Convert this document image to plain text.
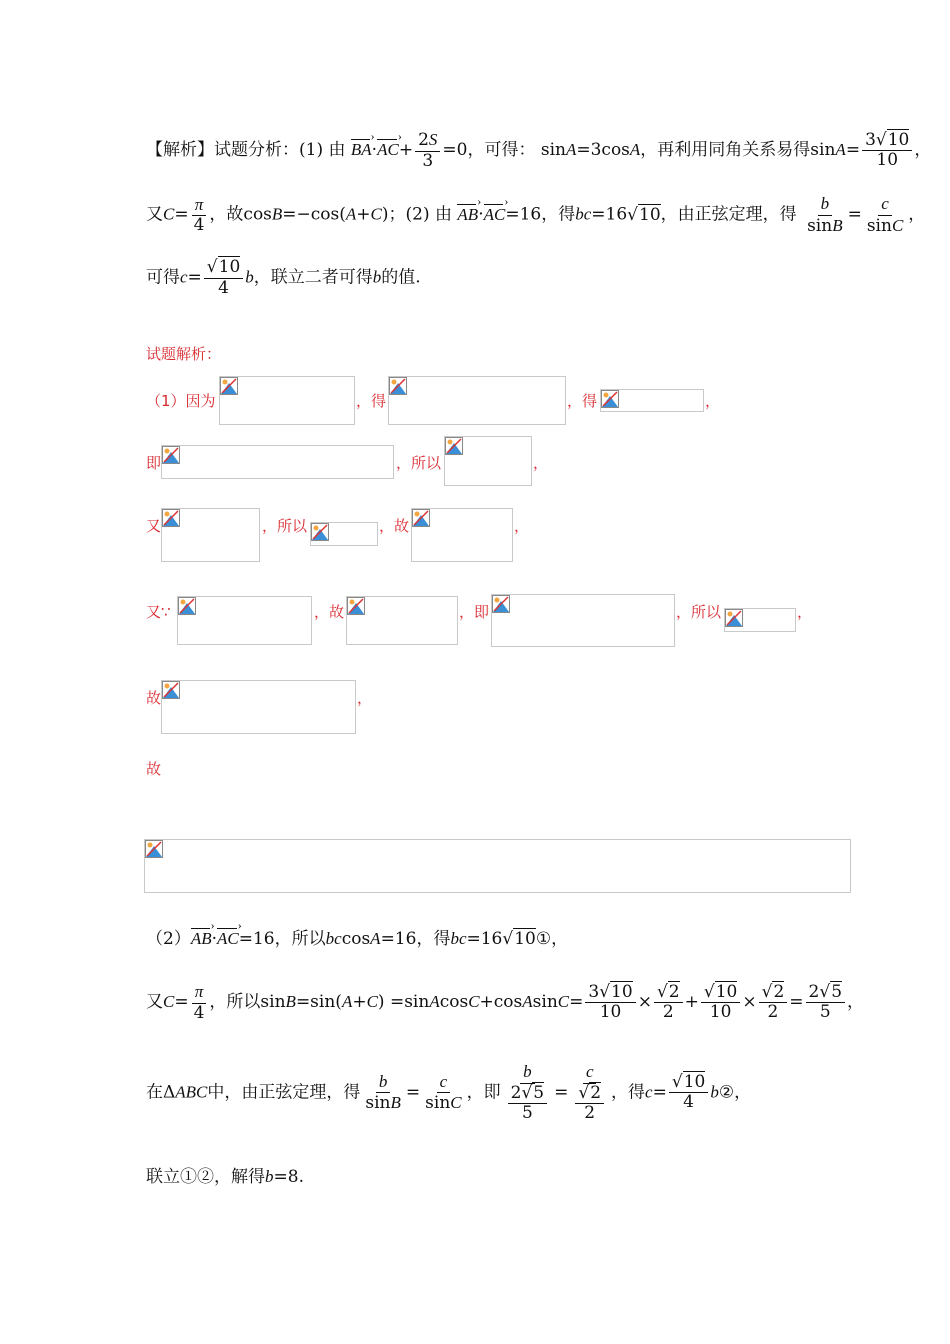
【解析】试题分析：(1) 由 BA ›·AC ›+ $\frac{2S}{3} =0$，可得： sinA=3cosA，再利用同角关系易得$\sin A= \frac{3√10}{10}$ ，
又$C= \frac{\pi}{4}$ ，故cosB=−cos(A+C)；(2) 由 AB ›·AC ›=16，得bc=16√10，由正弦定理，得 $\frac{b}{\sin B} = \frac{c}{\sin C}$ ，
可得$c= \frac{√10}{4}$ b，联立二者可得b的值.
试题解析：
（1）因为	，得	，得	，
即	，所以	，
又	，所以	，故	，
又∵	，故	，即	，所以	，
故	，
故
（2）AB ›·AC ›=16，所以bccosA=16，得bc=16√10①，
又$C= \frac{\pi}{4}$ ，所以sinB=sin(A+C) =sinAcosC+cosAsinC= $\frac{3√10}{10} \times \frac{√2}{2} + \frac{√10}{10} \times \frac{√2}{2} = \frac{2√5}{5}$ ，
在ΔABC中，由正弦定理，得 $\frac{b}{\sin B} = \frac{c}{\sin C}$ ，即 $\frac{b}{\frac{2√5}{5}} = \frac{c}{\frac{√2}{2}}$ ，得$c= \frac{√10}{4}$ b②，
联立①②，解得b=8.
